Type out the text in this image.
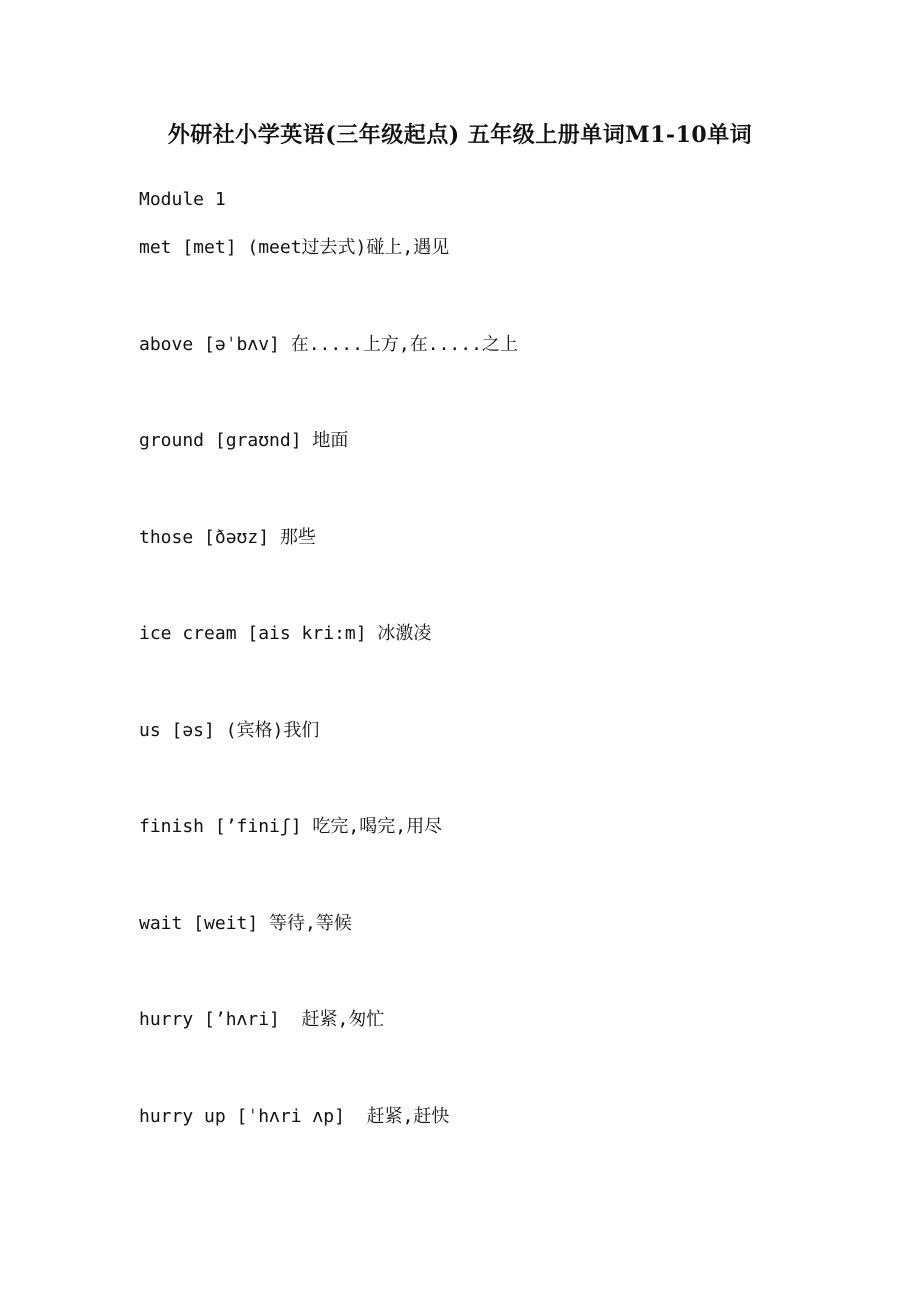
外研社小学英语(三年级起点) 五年级上册单词M1-10单词
Module 1
met [met] (meet过去式)碰上,遇见
above [əˈbʌv] 在.....上方,在.....之上
ground [graʊnd] 地面
those [ðəʊz] 那些
ice cream [ais kri:m] 冰激凌
us [əs] (宾格)我们
finish [’finiʃ] 吃完,喝完,用尽
wait [weit] 等待,等候
hurry [’hʌri]  赶紧,匆忙
hurry up [ˈhʌri ʌp]  赶紧,赶快
